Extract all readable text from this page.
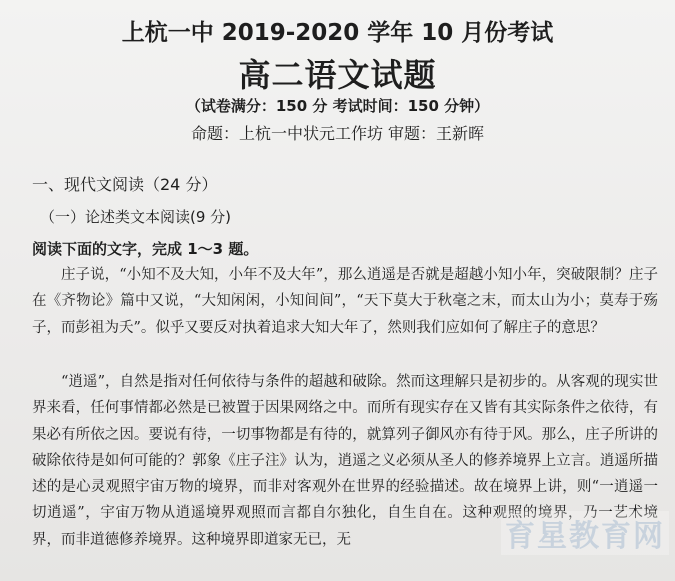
上杭一中 2019-2020 学年 10 月份考试
高二语文试题
（试卷满分：150 分 考试时间：150 分钟）
命题：上杭一中状元工作坊 审题：王新晖
一、现代文阅读（24 分）
（一）论述类文本阅读(9 分)
阅读下面的文字，完成 1～3 题。

庄子说，“小知不及大知，小年不及大年”，那么逍遥是否就是超越小知小年，突破限制？庄子在《齐物论》篇中又说，“大知闲闲，小知间间”，“天下莫大于秋毫之末，而太山为小；莫寿于殇子，而彭祖为夭”。似乎又要反对执着追求大知大年了，然则我们应如何了解庄子的意思？

“逍遥”，自然是指对任何依待与条件的超越和破除。然而这理解只是初步的。从客观的现实世界来看，任何事情都必然是已被置于因果网络之中。而所有现实存在又皆有其实际条件之依待，有果必有所依之因。要说有待，一切事物都是有待的，就算列子御风亦有待于风。那么，庄子所讲的破除依待是如何可能的？郭象《庄子注》认为，逍遥之义必须从圣人的修养境界上立言。逍遥所描述的是心灵观照宇宙万物的境界，而非对客观外在世界的经验描述。故在境界上讲，则“一逍遥一切逍遥”，宇宙万物从逍遥境界观照而言都自尔独化，自生自在。这种观照的境界，乃一艺术境界，而非道德修养境界。这种境界即道家无已，无	育星教育网
